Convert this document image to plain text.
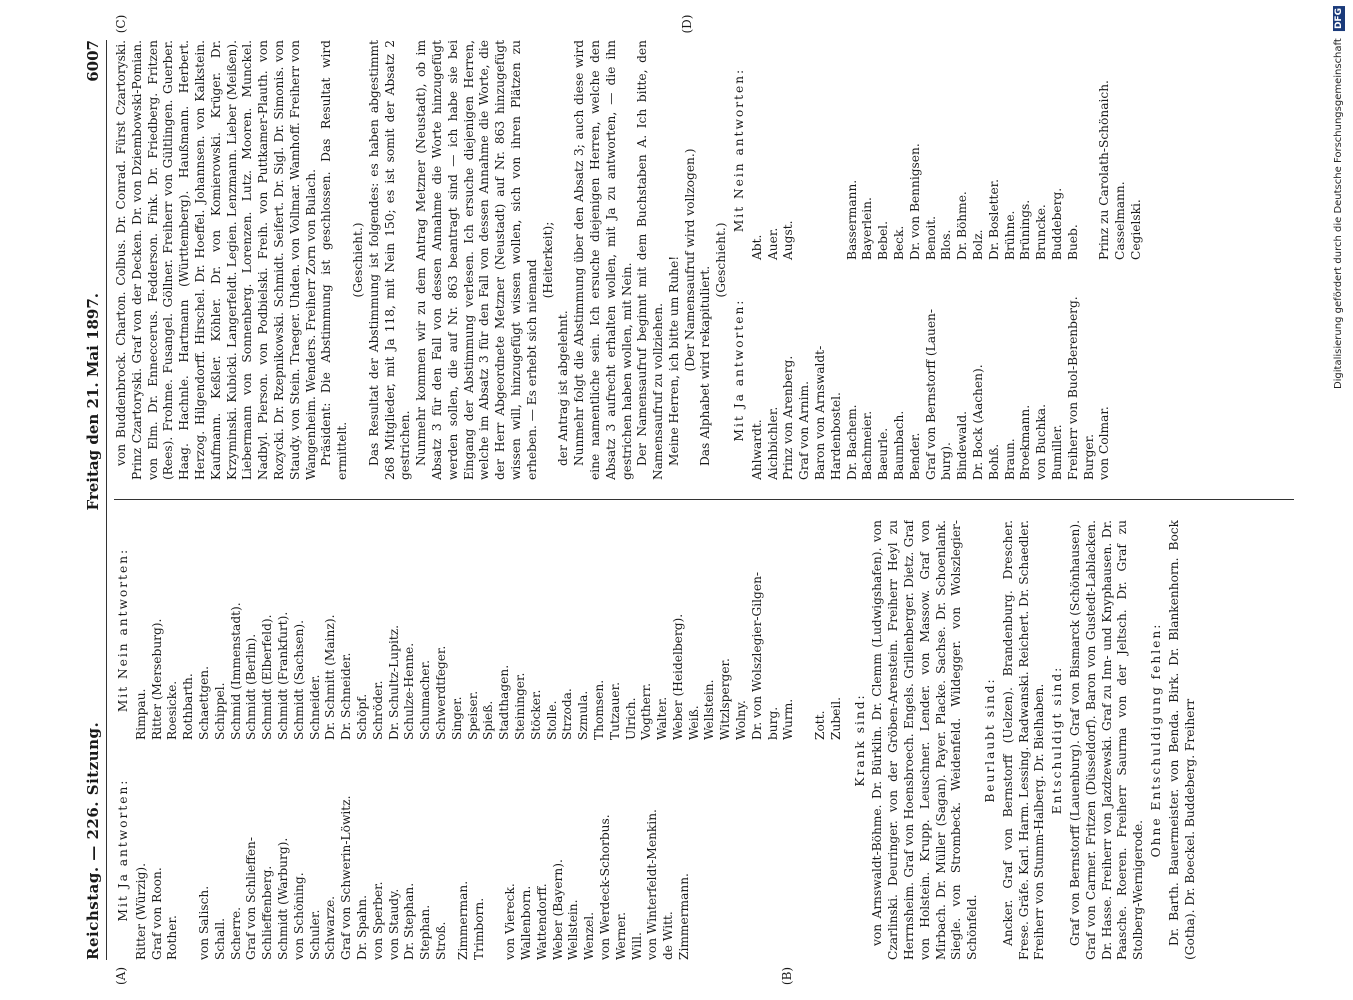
Reichstag. — 226. Sitzung.
Freitag den 21. Mai 1897.
6007
Mit Ja antworten:
Mit Nein antworten:
Ritter (Würzig). Graf von Roon. Rother.
von Salisch. Schall. Scherre. Graf von Schlieffen- Schlieffenberg. Schmidt (Warburg). von Schöning. Schuler. Schwarze. Graf von Schwerin-Löwitz. Dr. Spahn. von Sperber. von Staudy. Dr. Stephan. Stephan. Stroß. Zimmerman. Trimborn.
von Viereck. Wallenborn. Wattendorff. Weber (Bayern). Wellstein. Wenzel. von Werdeck-Schorbus. Werner. Will. von Winterfeldt-Menkin. de Witt. Zimmermann.
Rimpau. Ritter (Merseburg). Roesicke. Rothbarth. Schaettgen. Schippel. Schmid (Immenstadt). Schmidt (Berlin). Schmidt (Elberfeld). Schmidt (Frankfurt). Schmidt (Sachsen). Schneider. Dr. Schmitt (Mainz). Dr. Schneider. Schöpf. Schröder. Dr. Schultz-Lupitz. Schulze-Henne. Schumacher. Schwerdtfeger. Singer. Speiser. Spieß. Stadthagen. Steininger. Stöcker. Stolle. Strzoda. Szmula. Thomsen. Tutzauer. Ulrich. Vogtherr. Walter. Weber (Heidelberg). Weiß. Wellstein. Witzlsperger. Wolny. Dr. von Wolszlegier-Gilgen- burg. Wurm.
Zott. Zubeil. Krank sind: von Arnswaldt-Böhme. Dr. Bürklin. Dr. Clemm (Ludwigshafen). von Czarlinski. Deuringer. von der Gröben-Arenstein. Freiherr Heyl zu Herrnsheim. Graf von Hoensbroech. Engels. Grillenberger. Dietz. Graf von Holstein. Krupp. Leuschner. Lender. von Massow. Graf von Mirbach. Dr. Müller (Sagan). Payer. Placke. Sachse. Dr. Schoenlank. Siegle. von Strombeck. Weidenfeld. Wildegger. von Wolszlegier-Schönfeld.

Beurlaubt sind: Ancker. Graf von Bernstorff (Uelzen). Brandenburg. Drescher. Frese. Gräfe. Karl. Harm. Lessing. Radwanski. Reichert. Dr. Schaedler. Freiherr von Stumm-Halberg. Dr. Bielhaben. Entschuldigt sind: Graf von Bernstorff (Lauenburg). Graf von Bismarck (Schönhausen). Graf von Carmer. Fritzen (Düsseldorf). Baron von Gustedt-Lablacken. Dr. Hasse. Freiherr von Jazdzewski. Graf zu Inn- und Knyphausen. Dr. Paasche. Roeren. Freiherr Saurma von der Jeltsch. Dr. Graf zu Stolberg-Wernigerode.

Ohne Entschuldigung fehlen: Dr. Barth. Bauermeister. von Benda. Birk. Dr. Blankenhorn. Bock (Gotha). Dr. Boeckel. Buddeberg. Freiherr

von Buddenbrock. Charton. Colbus. Dr. Conrad. Fürst Czartoryski. Prinz Czartoryski. Graf von der Decken. Dr. von Dziembowski-Pomian. von Elm. Dr. Enneccerus. Fedderson. Fink. Dr. Friedberg. Fritzen (Rees). Frohme. Fusangel. Göllner. Freiherr von Gültlingen. Guerber. Haag. Hachnle. Hartmann (Württemberg). Haußmann. Herbert. Herzog. Hilgendorff. Hirschel. Dr. Hoeffel. Johannsen. von Kalkstein. Kaufmann. Keßler. Köhler. Dr. von Komierowski. Krüger. Dr. Krzyminski. Kubicki. Langerfeldt. Legien. Lenzmann. Lieber (Meißen). Liebermann von Sonnenberg. Lorenzen. Lutz. Mooren. Munckel. Nadbyl. Pierson. von Podbielski. Freih. von Puttkamer-Plauth. von Rozycki. Dr. Rzepnikowski. Schmidt. Seifert. Dr. Sigl. Dr. Simonis. von Staudy. von Stein. Traeger. Uhden. von Vollmar. Wamhoff. Freiherr von Wangenheim. Wenders. Freiherr Zorn von Bulach. Präsident: Die Abstimmung ist geschlossen. Das Resultat wird ermittelt.

(Geschieht.) Das Resultat der Abstimmung ist folgendes: es haben abgestimmt 268 Mitglieder, mit Ja 118, mit Nein 150; es ist somit der Absatz 2 gestrichen. Nunmehr kommen wir zu dem Antrag Metzner (Neustadt), ob im Absatz 3 für den Fall von dessen Annahme die Worte hinzugefügt werden sollen, die auf Nr. 863 beantragt sind — ich habe sie bei Eingang der Abstimmung verlesen. Ich ersuche diejenigen Herren, welche im Absatz 3 für den Fall von dessen Annahme die Worte, die der Herr Abgeordnete Metzner (Neustadt) auf Nr. 863 hinzugefügt wissen will, hinzugefügt wissen wollen, sich von ihren Plätzen zu erheben. — Es erhebt sich niemand (Heiterkeit);

der Antrag ist abgelehnt. Nunmehr folgt die Abstimmung über den Absatz 3; auch diese wird eine namentliche sein. Ich ersuche diejenigen Herren, welche den Absatz 3 aufrecht erhalten wollen, mit Ja zu antworten, — die ihn gestrichen haben wollen, mit Nein. Der Namensaufruf beginnt mit dem Buchstaben A. Ich bitte, den Namensaufruf zu vollziehen. Meine Herren, ich bitte um Ruhe! (Der Namensaufruf wird vollzogen.) Das Alphabet wird rekapituliert.

(Geschieht.)
Mit Ja antworten:
Mit Nein antworten:
Ahlwardt. Aichbichler. Prinz von Arenberg. Graf von Arnim. Baron von Arnswaldt- Hardenbostel. Dr. Bachem. Bachmeier. Baeurle. Baumbach. Bender. Graf von Bernstorff (Lauen- burg). Bindewald. Dr. Bock (Aachen). Bohß. Braun. Broekmann. von Buchka. Bumiller. Freiherr von Buol-Berenberg. Burger. von Colmar.
Abt. Auer. Augst.

	Bassermann. Bayerlein. Bebel. Beck. Dr. von Bennigsen. Benoit. Blos. Dr. Böhme. Bolz. Dr. Bosletter. Brühne. Brünings. Bruncke. Buddeberg. Bueb.
Prinz zu Carolath-Schönaich. Casselmann. Cegielski.
(A)	(B)
(C)	(D)
Digitalisierung gefördert durch die Deutsche Forschungsgemeinschaft DFG
